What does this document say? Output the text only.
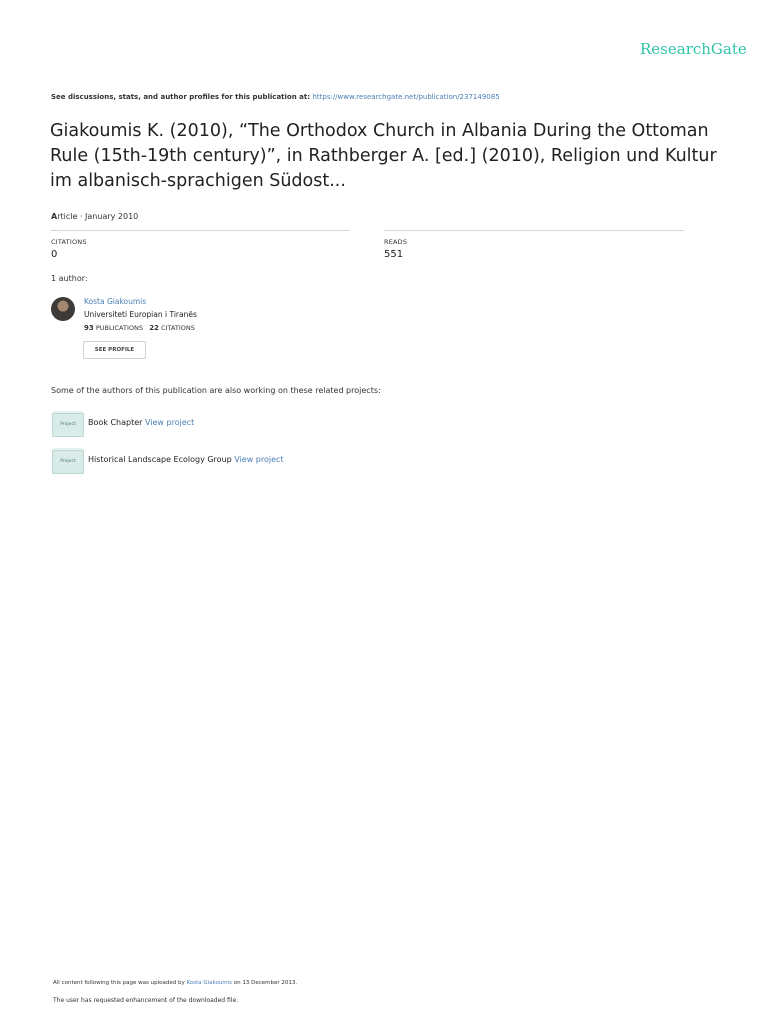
ResearchGate
See discussions, stats, and author profiles for this publication at: https://www.researchgate.net/publication/237149085
Giakoumis K. (2010), “The Orthodox Church in Albania During the Ottoman Rule (15th-19th century)”, in Rathberger A. [ed.] (2010), Religion und Kultur im albanisch-sprachigen Südost...
Article · January 2010
CITATIONS
0
READS
551
1 author:
Kosta Giakoumis
Universiteti Europian i Tiranës
93 PUBLICATIONS 22 CITATIONS
SEE PROFILE
Some of the authors of this publication are also working on these related projects:
Project	Book Chapter View project
Project	Historical Landscape Ecology Group View project
All content following this page was uploaded by Kosta Giakoumis on 13 December 2013.
The user has requested enhancement of the downloaded file.
